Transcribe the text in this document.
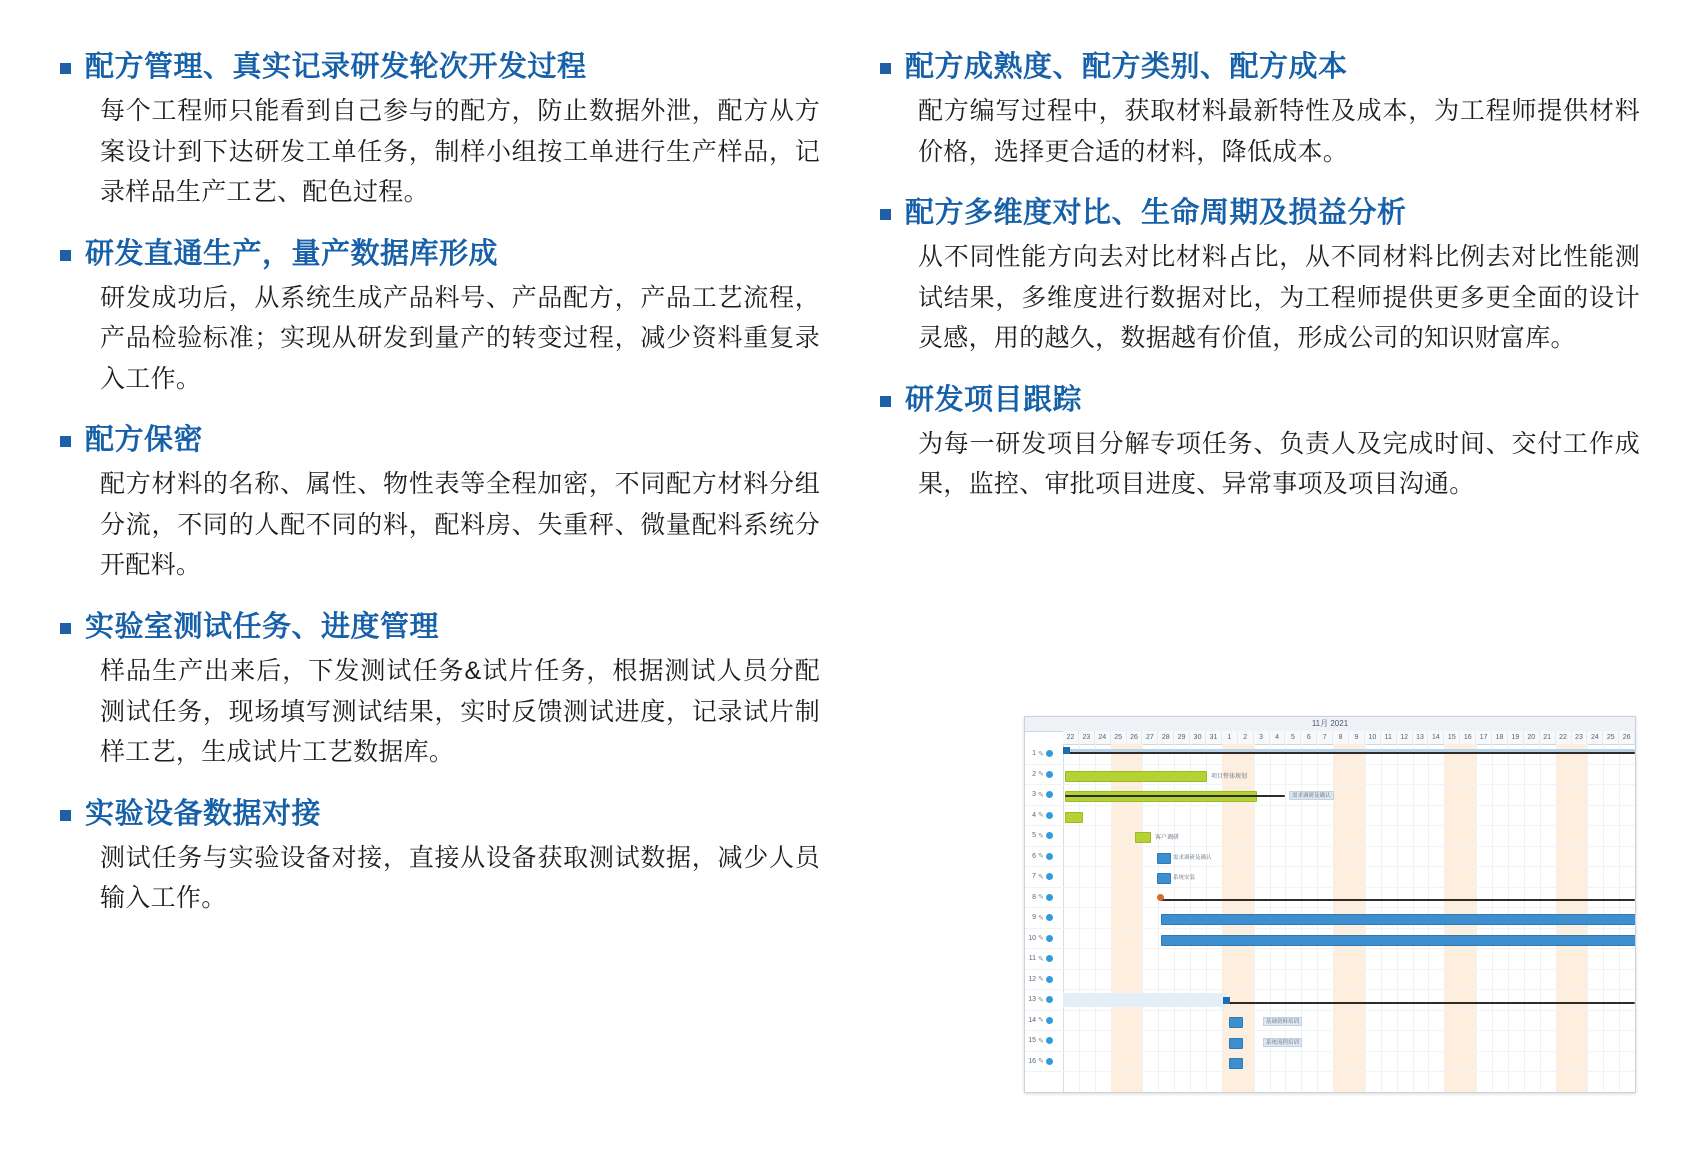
配方管理、真实记录研发轮次开发过程

每个工程师只能看到自己参与的配方，防止数据外泄，配方从方案设计到下达研发工单任务，制样小组按工单进行生产样品，记录样品生产工艺、配色过程。

研发直通生产，量产数据库形成

研发成功后，从系统生成产品料号、产品配方，产品工艺流程，产品检验标准；实现从研发到量产的转变过程，减少资料重复录入工作。

配方保密

配方材料的名称、属性、物性表等全程加密，不同配方材料分组分流，不同的人配不同的料，配料房、失重秤、微量配料系统分开配料。

实验室测试任务、进度管理

样品生产出来后，下发测试任务&试片任务，根据测试人员分配测试任务，现场填写测试结果，实时反馈测试进度，记录试片制样工艺，生成试片工艺数据库。

实验设备数据对接

测试任务与实验设备对接，直接从设备获取测试数据，减少人员输入工作。

配方成熟度、配方类别、配方成本

配方编写过程中，获取材料最新特性及成本，为工程师提供材料价格，选择更合适的材料，降低成本。

配方多维度对比、生命周期及损益分析

从不同性能方向去对比材料占比，从不同材料比例去对比性能测试结果，多维度进行数据对比，为工程师提供更多更全面的设计灵感，用的越久，数据越有价值，形成公司的知识财富库。

研发项目跟踪

为每一研发项目分解专项任务、负责人及完成时间、交付工作成果，监控、审批项目进度、异常事项及项目沟通。

11月 2021
22	23	24	25	26	27	28	29	30	31	1	2	3	4	5	6	7	8	9	10	11	12	13	14	15	16	17	18	19	20	21	22	23	24	25	26
1 ✎
2 ✎
3 ✎
4 ✎
5 ✎
6 ✎
7 ✎
8 ✎
9 ✎
10 ✎
11 ✎
12 ✎
13 ✎
14 ✎
15 ✎
16 ✎
项目整体规划
需求调研及确认
客户调研
需求调研及确认
系统安装
基础资料培训
系统流程培训
